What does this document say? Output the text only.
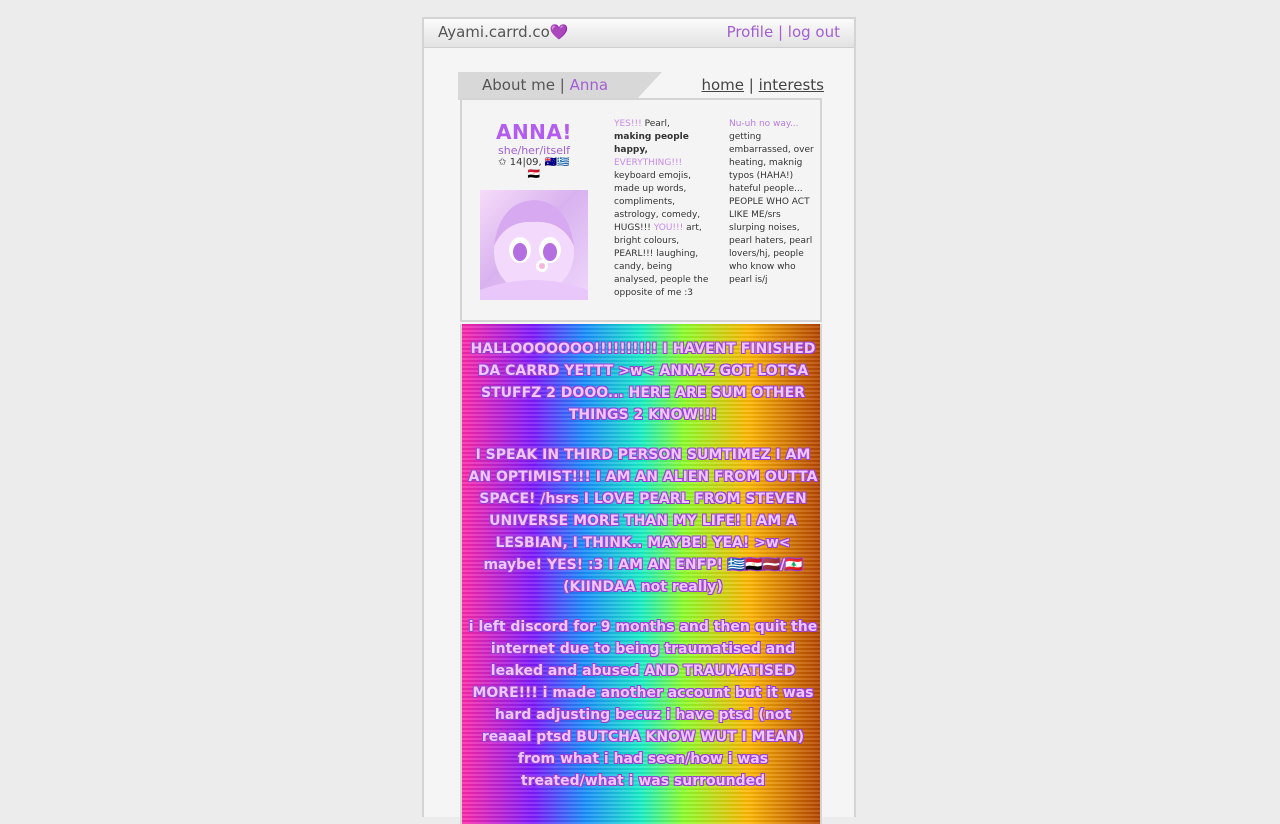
Ayami.carrd.co💜	Profile | log out
About me | Anna	home | interests
ANNA!
she/her/itself
✩ 14|09, 🇦🇺🇬🇷
🇪🇬
YES!!! Pearl,
making people happy,
EVERYTHING!!!
keyboard emojis, made up words, compliments, astrology, comedy, HUGS!!! YOU!!! art, bright colours, PEARL!!! laughing, candy, being analysed, people the opposite of me :3
Nu-uh no way...
getting embarrassed, over heating, maknig typos (HAHA!) hateful people... PEOPLE WHO ACT LIKE ME/srs slurping noises, pearl haters, pearl lovers/hj, people who know who pearl is/j

HALLOOOOOOO!!!!!!!!!! I HAVENT FINISHED DA CARRD YETTT >w< ANNAZ GOT LOTSA STUFFZ 2 DOOO... HERE ARE SUM OTHER THINGS 2 KNOW!!!

I SPEAK IN THIRD PERSON SUMTIMEZ I AM AN OPTIMIST!!! I AM AN ALIEN FROM OUTTA SPACE! /hsrs I LOVE PEARL FROM STEVEN UNIVERSE MORE THAN MY LIFE! I AM A LESBIAN, I THINK.. MAYBE! YEA! >w< maybe! YES! :3 I AM AN ENFP! 🇬🇷🇪🇬🇱🇻/🇱🇧(KIINDAA not really)

i left discord for 9 months and then quit the internet due to being traumatised and leaked and abused AND TRAUMATISED MORE!!! i made another account but it was hard adjusting becuz i have ptsd (not reaaal ptsd BUTCHA KNOW WUT I MEAN) from what i had seen/how i was treated/what i was surrounded
